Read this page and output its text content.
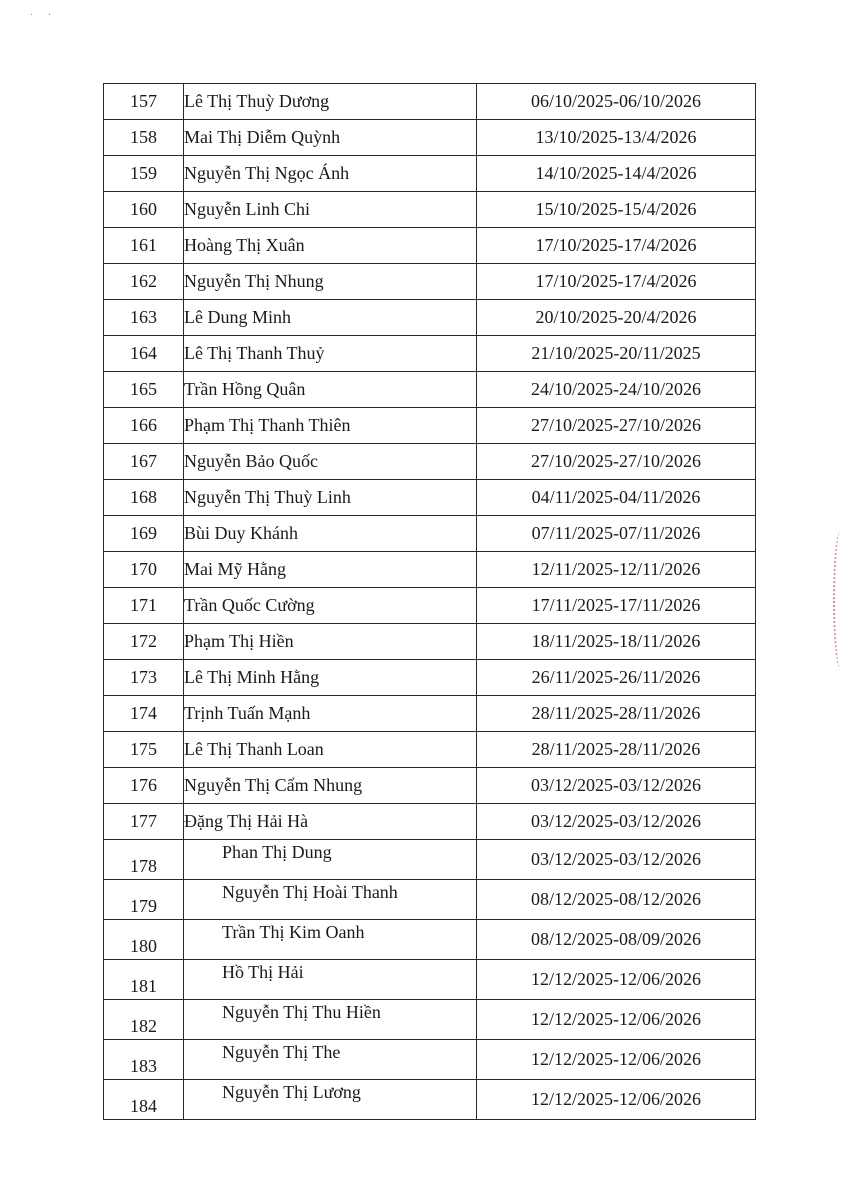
· ·
157	Lê Thị Thuỳ Dương	06/10/2025-06/10/2026
158	Mai Thị Diễm Quỳnh	13/10/2025-13/4/2026
159	Nguyễn Thị Ngọc Ánh	14/10/2025-14/4/2026
160	Nguyễn Linh Chi	15/10/2025-15/4/2026
161	Hoàng Thị Xuân	17/10/2025-17/4/2026
162	Nguyễn Thị Nhung	17/10/2025-17/4/2026
163	Lê Dung Minh	20/10/2025-20/4/2026
164	Lê Thị Thanh Thuỷ	21/10/2025-20/11/2025
165	Trần Hồng Quân	24/10/2025-24/10/2026
166	Phạm Thị Thanh Thiên	27/10/2025-27/10/2026
167	Nguyễn Bảo Quốc	27/10/2025-27/10/2026
168	Nguyễn Thị Thuỳ Linh	04/11/2025-04/11/2026
169	Bùi Duy Khánh	07/11/2025-07/11/2026
170	Mai Mỹ Hằng	12/11/2025-12/11/2026
171	Trần Quốc Cường	17/11/2025-17/11/2026
172	Phạm Thị Hiền	18/11/2025-18/11/2026
173	Lê Thị Minh Hằng	26/11/2025-26/11/2026
174	Trịnh Tuấn Mạnh	28/11/2025-28/11/2026
175	Lê Thị Thanh Loan	28/11/2025-28/11/2026
176	Nguyễn Thị Cẩm Nhung	03/12/2025-03/12/2026
177	Đặng Thị Hải Hà	03/12/2025-03/12/2026
178	Phan Thị Dung	03/12/2025-03/12/2026
179	Nguyễn Thị Hoài Thanh	08/12/2025-08/12/2026
180	Trần Thị Kim Oanh	08/12/2025-08/09/2026
181	Hồ Thị Hải	12/12/2025-12/06/2026
182	Nguyễn Thị Thu Hiền	12/12/2025-12/06/2026
183	Nguyễn Thị The	12/12/2025-12/06/2026
184	Nguyễn Thị Lương	12/12/2025-12/06/2026
